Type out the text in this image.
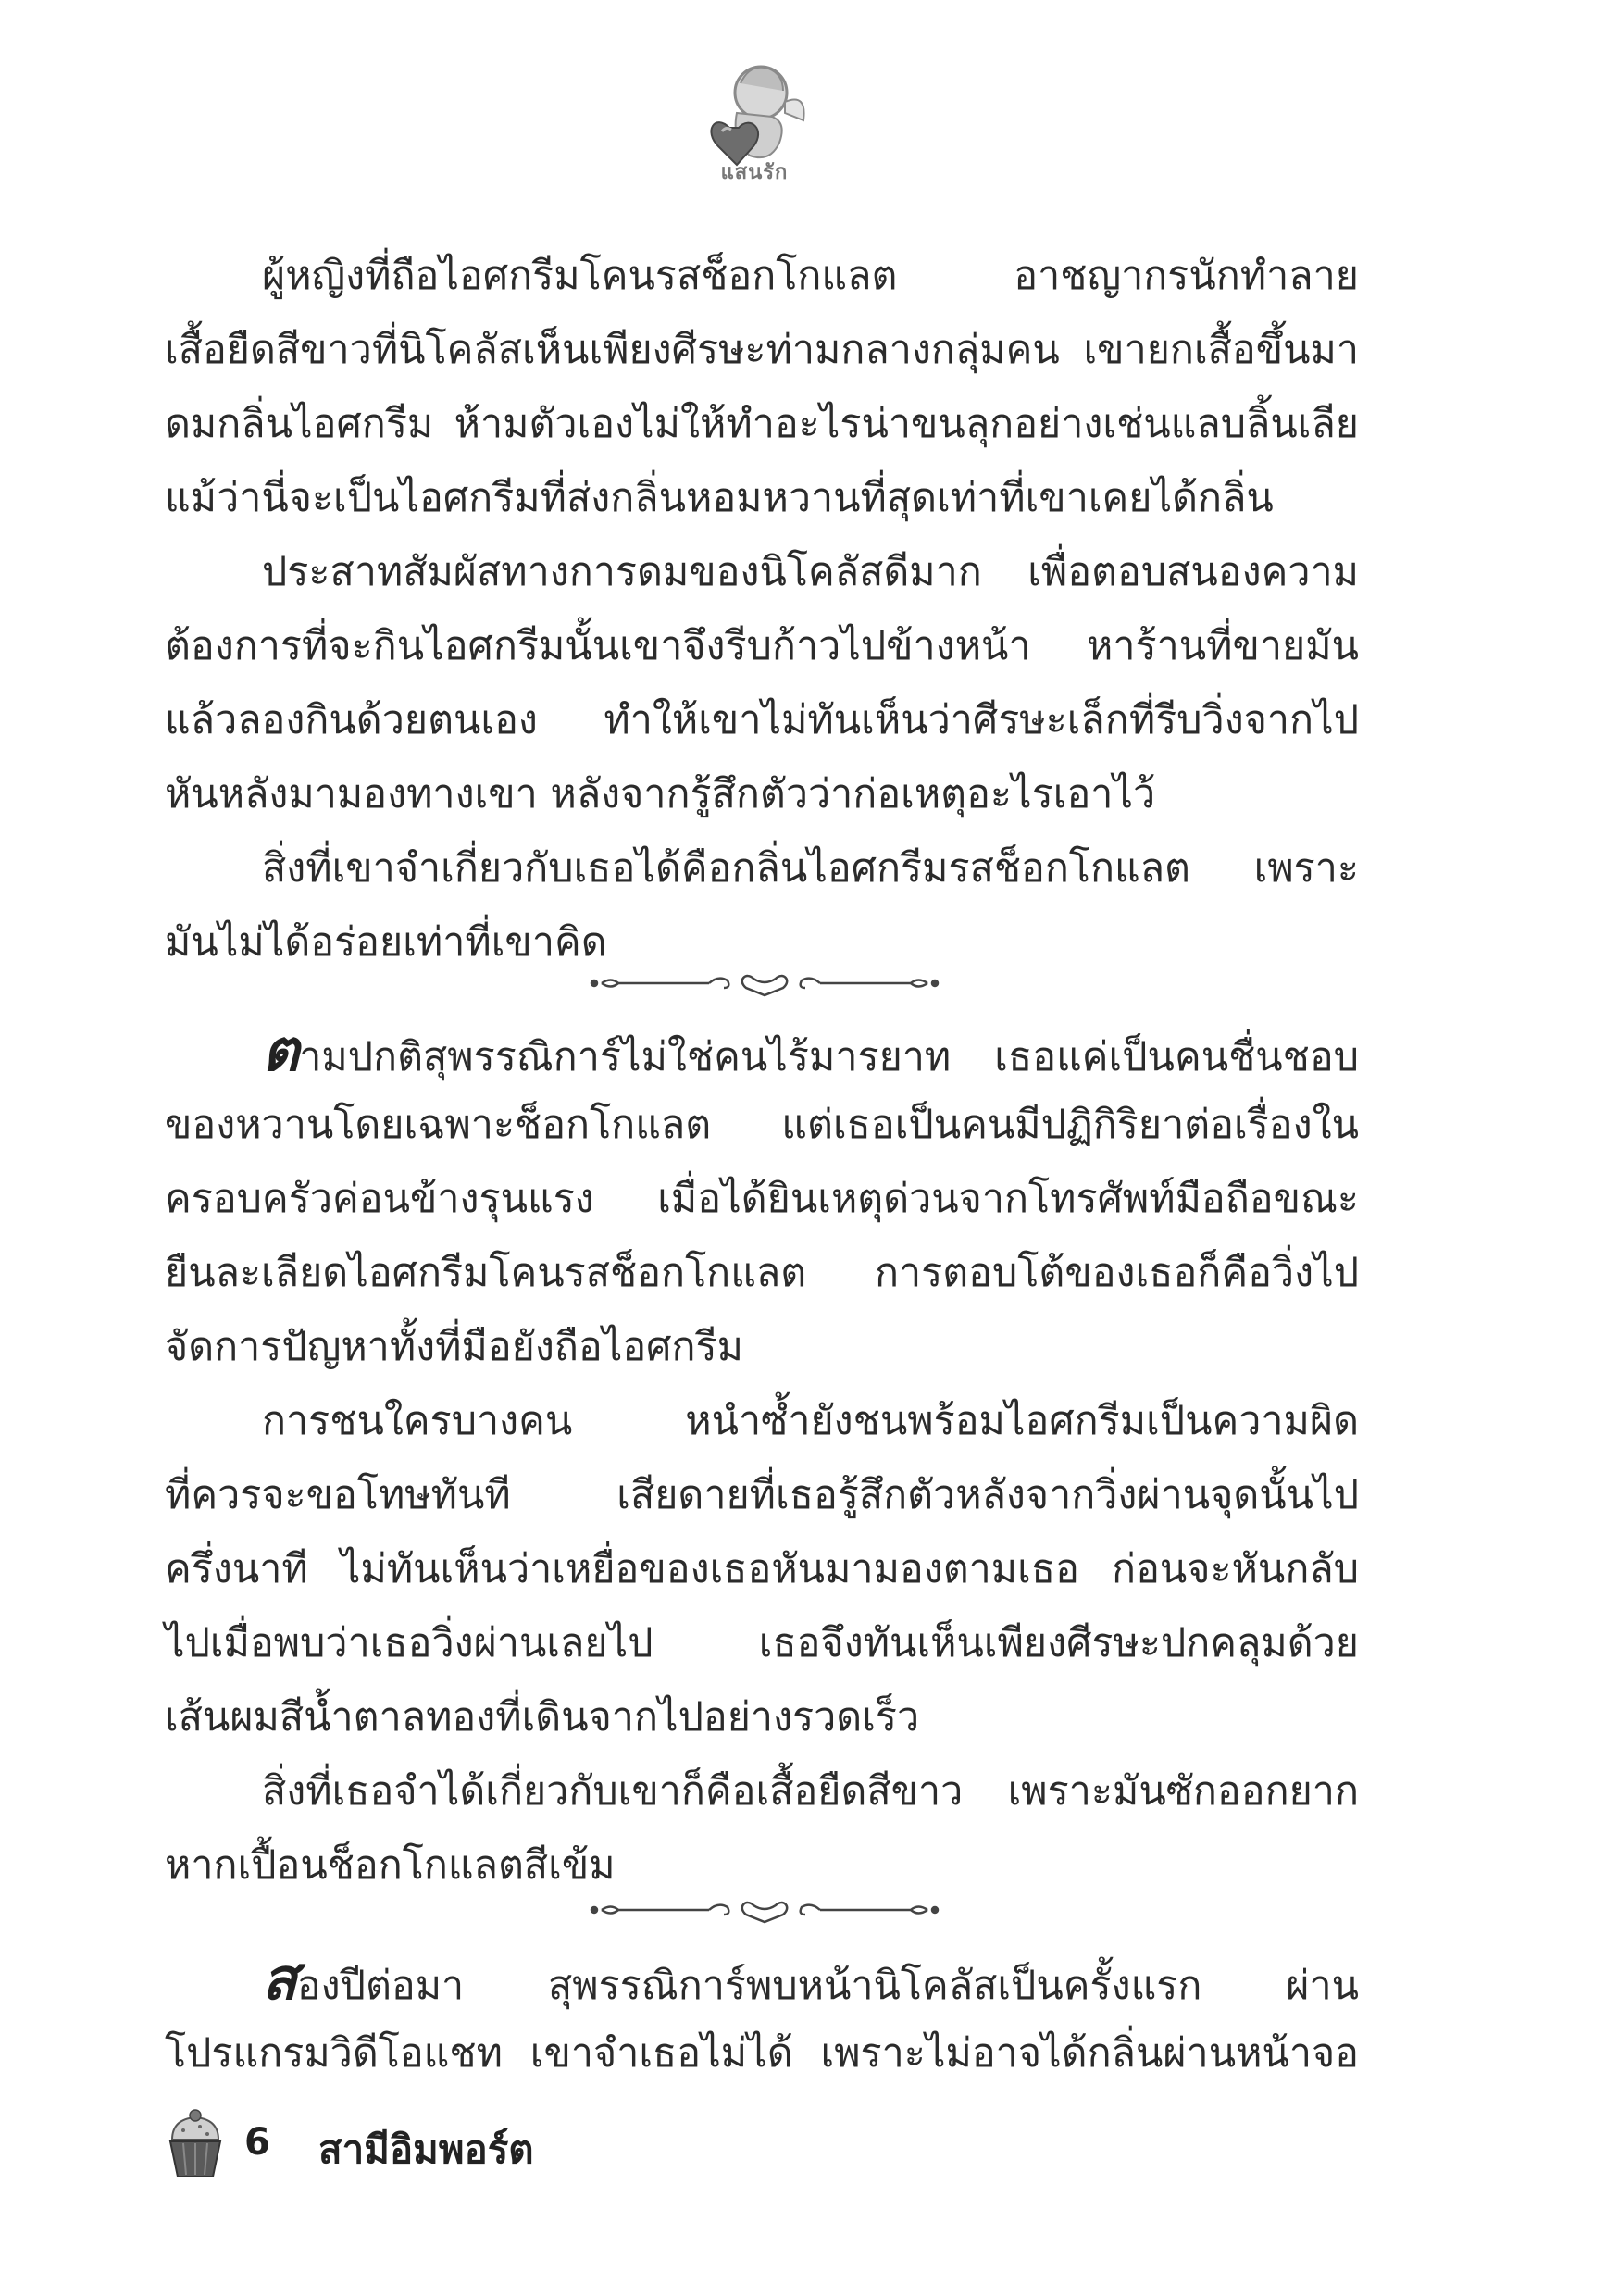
แสนรัก
ผู้หญิงที่ถือไอศกรีมโคนรสช็อกโกแลต อาชญากรนักทำลาย
เสื้อยืดสีขาวที่นิโคลัสเห็นเพียงศีรษะท่ามกลางกลุ่มคน เขายกเสื้อขึ้นมา
ดมกลิ่นไอศกรีม ห้ามตัวเองไม่ให้ทำอะไรน่าขนลุกอย่างเช่นแลบลิ้นเลีย
แม้ว่านี่จะเป็นไอศกรีมที่ส่งกลิ่นหอมหวานที่สุดเท่าที่เขาเคยได้กลิ่น
ประสาทสัมผัสทางการดมของนิโคลัสดีมาก เพื่อตอบสนองความ
ต้องการที่จะกินไอศกรีมนั้นเขาจึงรีบก้าวไปข้างหน้า หาร้านที่ขายมัน
แล้วลองกินด้วยตนเอง ทำให้เขาไม่ทันเห็นว่าศีรษะเล็กที่รีบวิ่งจากไป
หันหลังมามองทางเขา หลังจากรู้สึกตัวว่าก่อเหตุอะไรเอาไว้
สิ่งที่เขาจำเกี่ยวกับเธอได้คือกลิ่นไอศกรีมรสช็อกโกแลต เพราะ
มันไม่ได้อร่อยเท่าที่เขาคิด
ตามปกติสุพรรณิการ์ไม่ใช่คนไร้มารยาท เธอแค่เป็นคนชื่นชอบ
ของหวานโดยเฉพาะช็อกโกแลต แต่เธอเป็นคนมีปฏิกิริยาต่อเรื่องใน
ครอบครัวค่อนข้างรุนแรง เมื่อได้ยินเหตุด่วนจากโทรศัพท์มือถือขณะ
ยืนละเลียดไอศกรีมโคนรสช็อกโกแลต การตอบโต้ของเธอก็คือวิ่งไป
จัดการปัญหาทั้งที่มือยังถือไอศกรีม
การชนใครบางคน หนำซ้ำยังชนพร้อมไอศกรีมเป็นความผิด
ที่ควรจะขอโทษทันที เสียดายที่เธอรู้สึกตัวหลังจากวิ่งผ่านจุดนั้นไป
ครึ่งนาที ไม่ทันเห็นว่าเหยื่อของเธอหันมามองตามเธอ ก่อนจะหันกลับ
ไปเมื่อพบว่าเธอวิ่งผ่านเลยไป เธอจึงทันเห็นเพียงศีรษะปกคลุมด้วย
เส้นผมสีน้ำตาลทองที่เดินจากไปอย่างรวดเร็ว
สิ่งที่เธอจำได้เกี่ยวกับเขาก็คือเสื้อยืดสีขาว เพราะมันซักออกยาก
หากเปื้อนช็อกโกแลตสีเข้ม
สองปีต่อมา สุพรรณิการ์พบหน้านิโคลัสเป็นครั้งแรก ผ่าน
โปรแกรมวิดีโอแชท เขาจำเธอไม่ได้ เพราะไม่อาจได้กลิ่นผ่านหน้าจอ
6 สามีอิมพอร์ต
